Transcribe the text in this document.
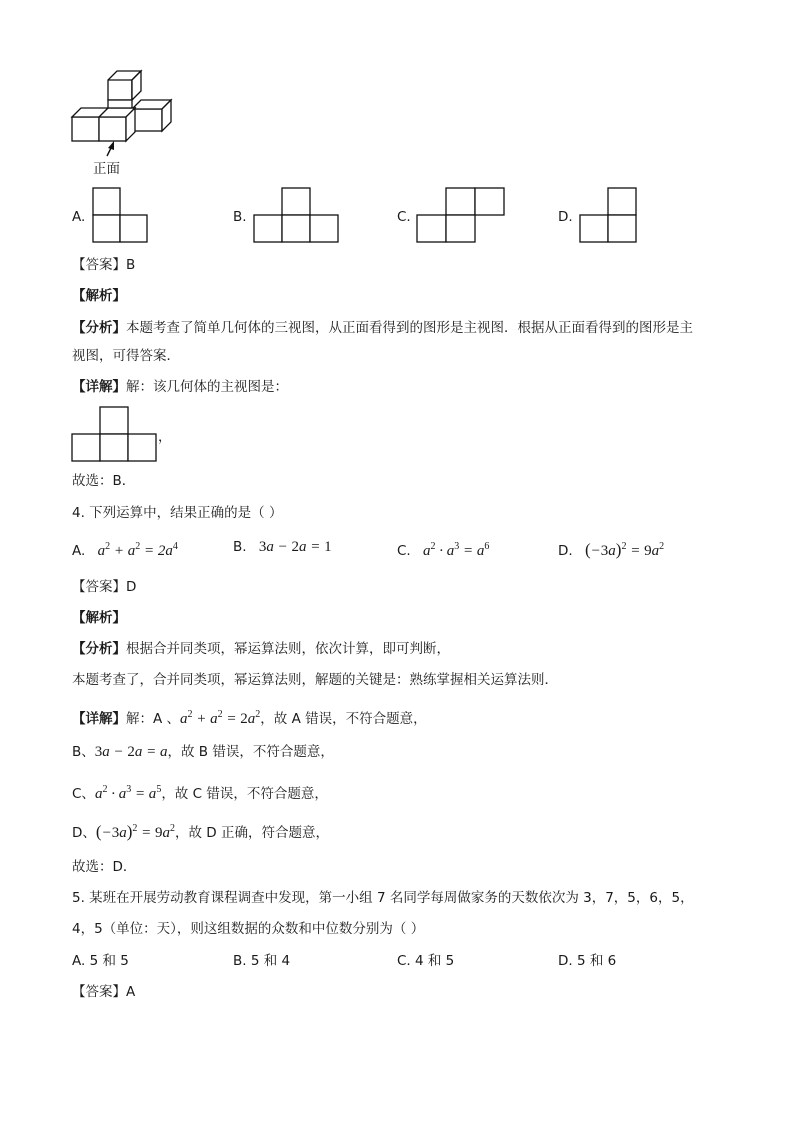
正面
A.	B.	C.	D.
【答案】B
【解析】
【分析】本题考查了简单几何体的三视图，从正面看得到的图形是主视图．根据从正面看得到的图形是主
视图，可得答案．
【详解】解：该几何体的主视图是：
，
故选：B．
4. 下列运算中，结果正确的是（ ）
A. $a^2 + a^2 = 2a^4$	B. 3a − 2a = 1	C. $a^2 \cdot a^3 = a^6$	D. $(-3a)^2 = 9a^2$
【答案】D
【解析】
【分析】根据合并同类项，幂运算法则，依次计算，即可判断，
本题考查了，合并同类项，幂运算法则，解题的关键是：熟练掌握相关运算法则．
【详解】解：A 、$a^2 + a^2 = 2a^2$，故 A 错误，不符合题意，
B、3a − 2a = a，故 B 错误，不符合题意，
C、$a^2 \cdot a^3 = a^5$，故 C 错误，不符合题意，
D、$(-3a)^2 = 9a^2$，故 D 正确，符合题意，
故选：D．
5. 某班在开展劳动教育课程调查中发现，第一小组 7 名同学每周做家务的天数依次为 3，7，5，6，5，
4，5（单位：天），则这组数据的众数和中位数分别为（ ）
A. 5 和 5	B. 5 和 4	C. 4 和 5	D. 5 和 6
【答案】A
